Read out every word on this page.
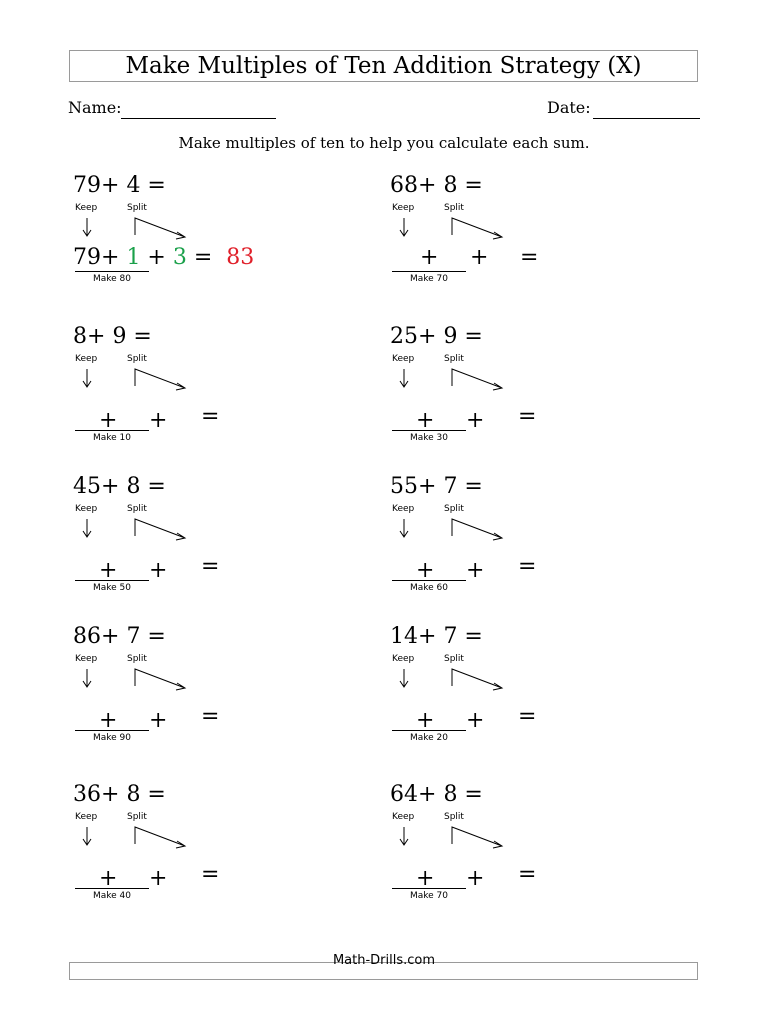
Make Multiples of Ten Addition Strategy (X)
Name:	Date:
Make multiples of ten to help you calculate each sum.
79+ 4 =
Keep	Split
79+ 1 + 3 =  83
Make 80
68+ 8 =
Keep	Split
+ + =
Make 70
8+ 9 =
Keep	Split
+ + =
Make 10
25+ 9 =
Keep	Split
+ + =
Make 30
45+ 8 =
Keep	Split
+ + =
Make 50
55+ 7 =
Keep	Split
+ + =
Make 60
86+ 7 =
Keep	Split
+ + =
Make 90
14+ 7 =
Keep	Split
+ + =
Make 20
36+ 8 =
Keep	Split
+ + =
Make 40
64+ 8 =
Keep	Split
+ + =
Make 70
Math-Drills.com
